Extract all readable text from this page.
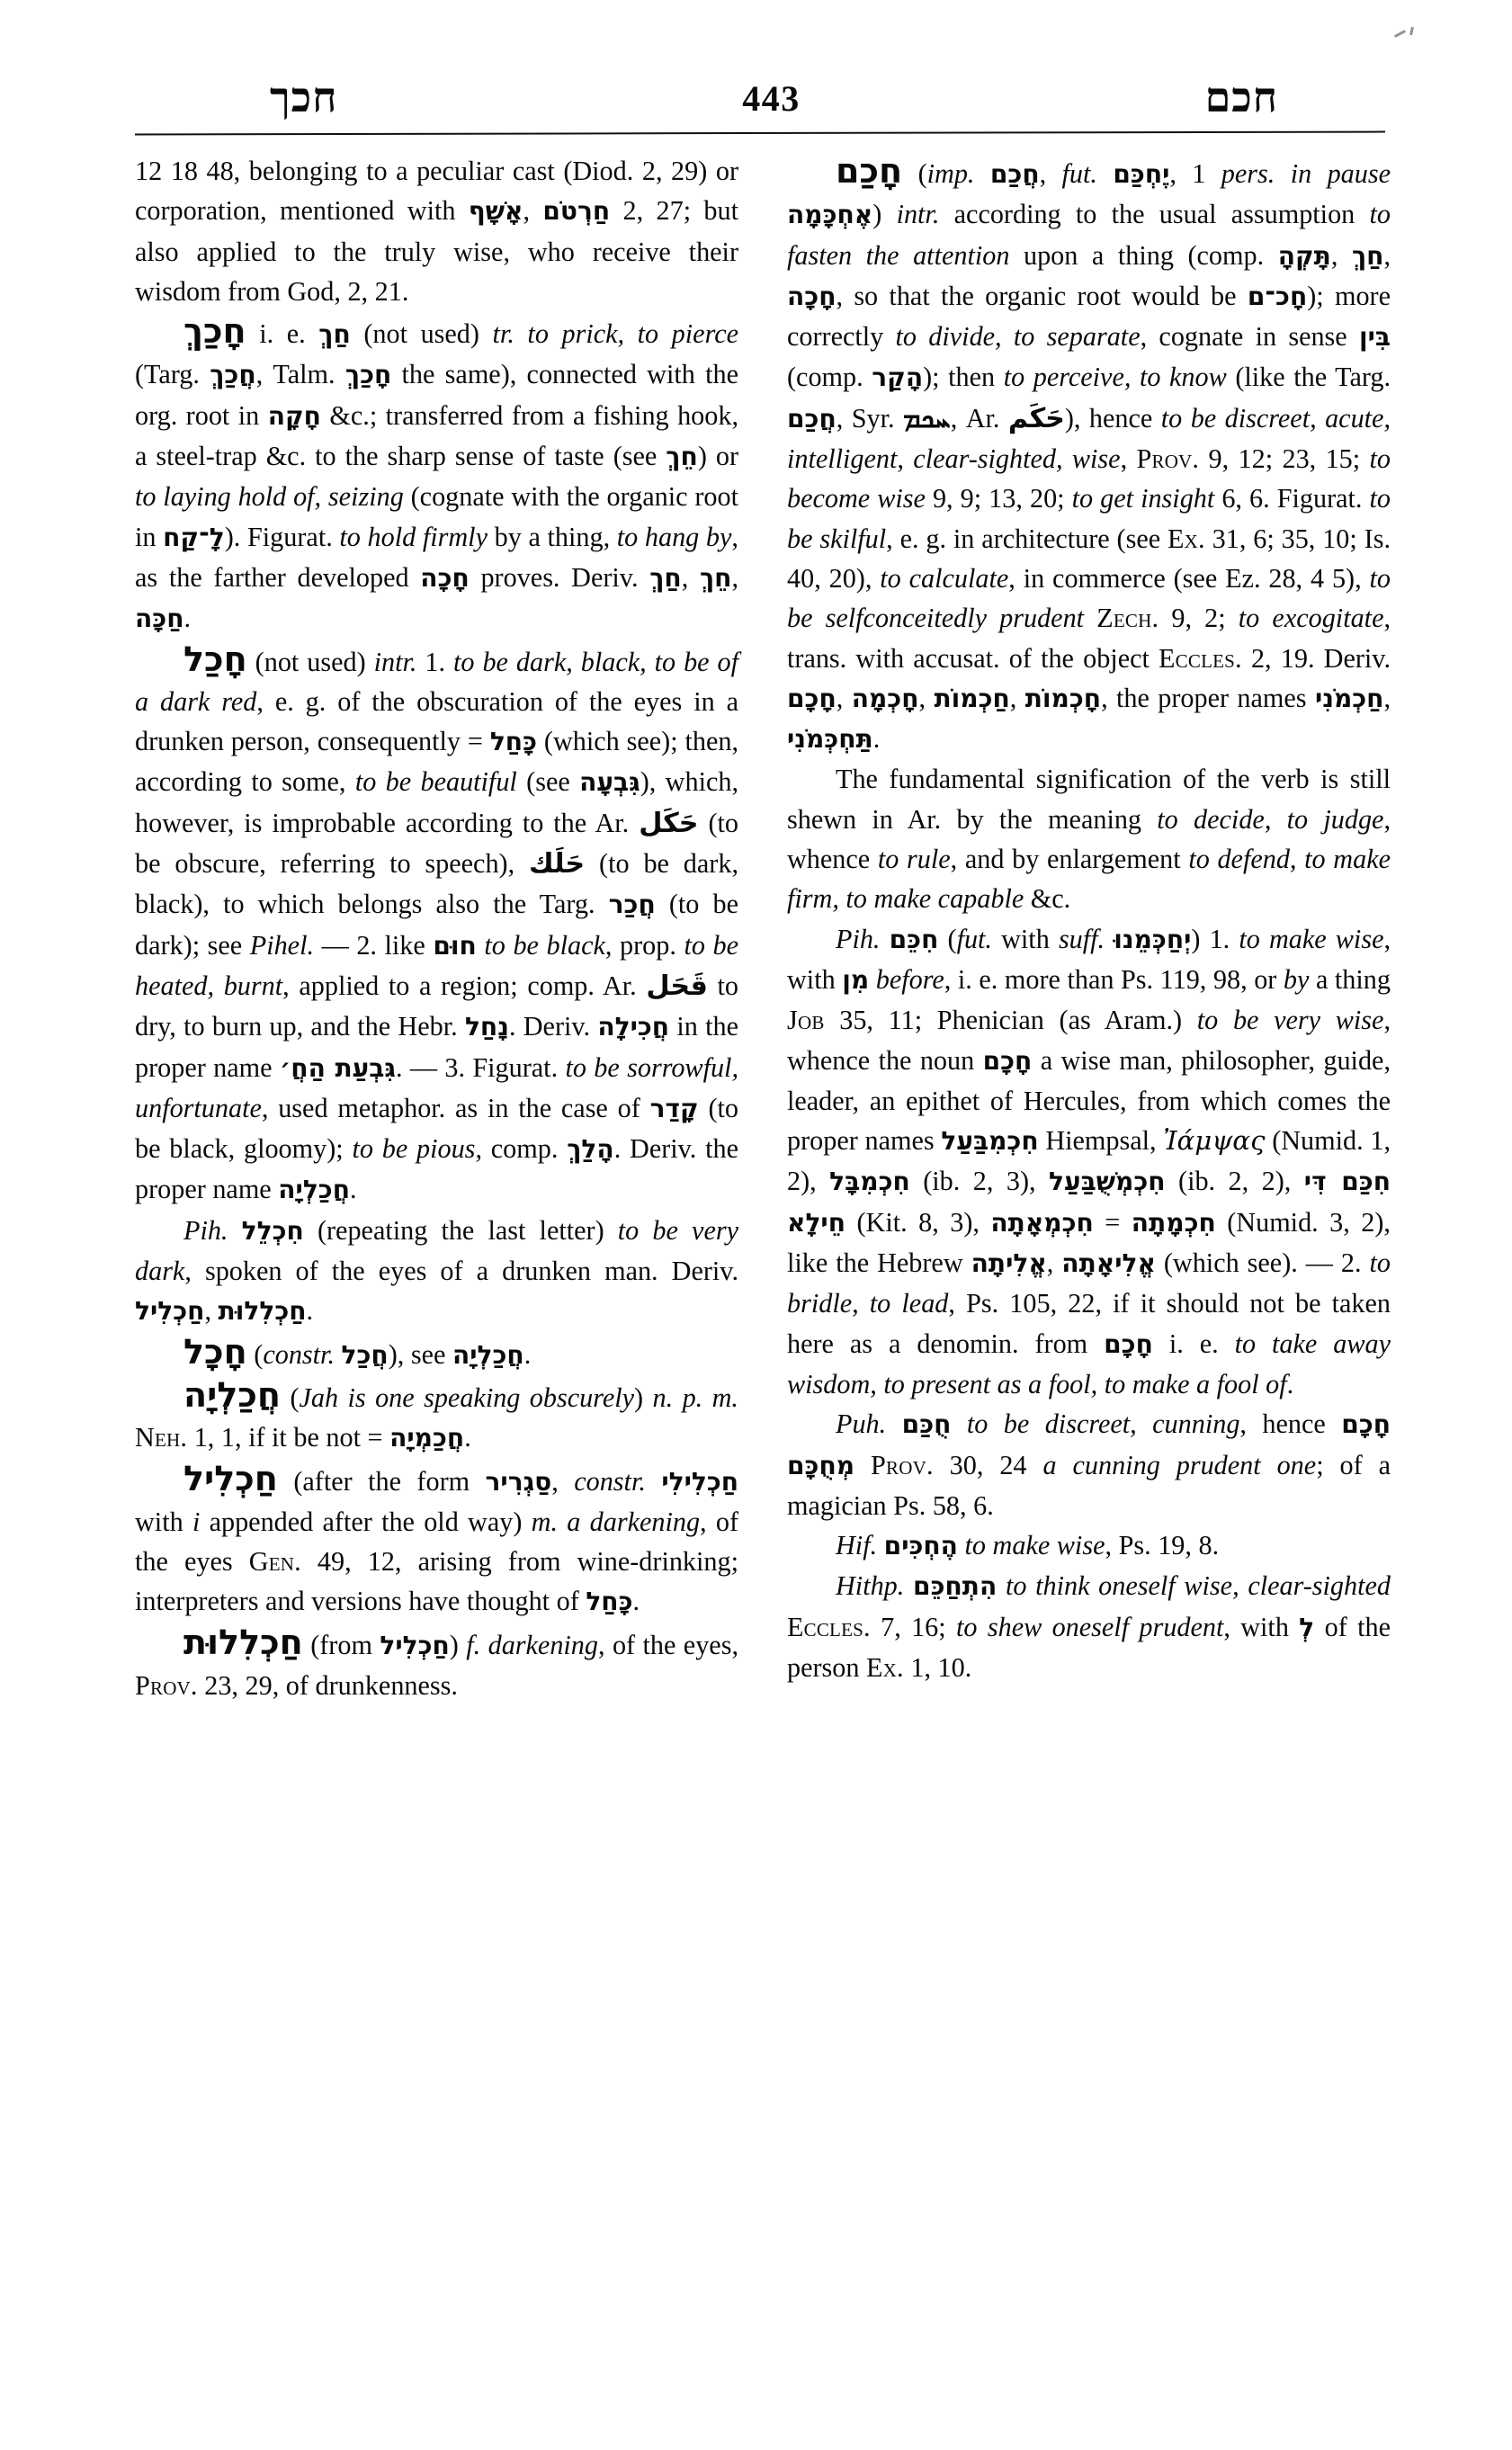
חכך	443	חכם
12 18 48, belonging to a peculiar cast (Diod. 2, 29) or corporation, mentioned with אָשָׁף, חַרְטֹם 2, 27; but also applied to the truly wise, who receive their wisdom from God, 2, 21.
חָכַךְ i. e. חַךְ (not used) tr. to prick, to pierce (Targ. חֲכַךְ, Talm. חָכַךְ the same), connected with the org. root in חָקָה &c.; transferred from a fishing hook, a steel-trap &c. to the sharp sense of taste (see חֵךְ) or to laying hold of, seizing (cognate with the organic root in לָ־קַח). Figurat. to hold firmly by a thing, to hang by, as the farther developed חָכָה proves. Deriv. חַךְ, חֵךְ, חַכָּה.
חָכַל (not used) intr. 1. to be dark, black, to be of a dark red, e. g. of the obscuration of the eyes in a drunken person, consequently = כָּחַל (which see); then, according to some, to be beautiful (see גִּבְעָה), which, however, is improbable according to the Ar. حَكَل (to be obscure, referring to speech), حَلَك (to be dark, black), to which belongs also the Targ. חֲכַר (to be dark); see Pihel. — 2. like חוּם to be black, prop. to be heated, burnt, applied to a region; comp. Ar. قَحَل to dry, to burn up, and the Hebr. נָחַל. Deriv. חֲכִילָה in the proper name גִּבְעַת הַחֲ׳. — 3. Figurat. to be sorrowful, unfortunate, used metaphor. as in the case of קָדַר (to be black, gloomy); to be pious, comp. הָלַךְ. Deriv. the proper name חֲכַלְיָה.
Pih. חִכְלֵל (repeating the last letter) to be very dark, spoken of the eyes of a drunken man. Deriv. חַכְלִיל, חַכְלִלוּת.
חָכָל (constr. חֲכַל), see חֲכַלְיָה.
חֲכַלְיָה (Jah is one speaking obscurely) n. p. m. Neh. 1, 1, if it be not = חֲכַמְיָה.
חַכְלִיל (after the form סַגְרִיר, constr. חַכְלִילִי with i appended after the old way) m. a darkening, of the eyes Gen. 49, 12, arising from wine-drinking; interpreters and versions have thought of כָּחַל.
חַכְלִלוּת (from חַכְלִיל) f. darkening, of the eyes, Prov. 23, 29, of drunkenness.
חָכַם (imp. חֲכַם, fut. יֶחְכַּם, 1 pers. in pause אֶחְכָּמָה) intr. according to the usual assumption to fasten the attention upon a thing (comp. תָּקְהָ, חַךְ, חָכָה, so that the organic root would be חָכ־ם); more correctly to divide, to separate, cognate in sense בִּין (comp. הָקַר); then to perceive, to know (like the Targ. חֲכַם, Syr. ܚܟܡ, Ar. حَكَم), hence to be discreet, acute, intelligent, clear-sighted, wise, Prov. 9, 12; 23, 15; to become wise 9, 9; 13, 20; to get insight 6, 6. Figurat. to be skilful, e. g. in architecture (see Ex. 31, 6; 35, 10; Is. 40, 20), to calculate, in commerce (see Ez. 28, 4 5), to be selfconceitedly prudent Zech. 9, 2; to excogitate, trans. with accusat. of the object Eccles. 2, 19. Deriv. חָכָם, חָכְמָה, חַכְמוֹת, חָכְמוֹת, the proper names חַכְמֹנִי, תַּחְכְּמֹנִי.
The fundamental signification of the verb is still shewn in Ar. by the meaning to decide, to judge, whence to rule, and by enlargement to defend, to make firm, to make capable &c.
Pih. חִכֵּם (fut. with suff. יְחַכְּמֵנוּ) 1. to make wise, with מִן before, i. e. more than Ps. 119, 98, or by a thing Job 35, 11; Phenician (as Aram.) to be very wise, whence the noun חָכָם a wise man, philosopher, guide, leader, an epithet of Hercules, from which comes the proper names חִכְמִבַּעַל Hiempsal, Ἰάμψας (Numid. 1, 2), חִכְמִבָּל (ib. 2, 3), חִכְמְשֻׁבַּעַל (ib. 2, 2), חִכַּם דִּי חֵילָא (Kit. 8, 3), חִכְמְאָתָה = חִכְמָתָה (Numid. 3, 2), like the Hebrew אֱלִיתָה, אֱלִיאָתָה (which see). — 2. to bridle, to lead, Ps. 105, 22, if it should not be taken here as a denomin. from חָכָם i. e. to take away wisdom, to present as a fool, to make a fool of.
Puh. חֻכַּם to be discreet, cunning, hence חָכָם מְחֻכָּם Prov. 30, 24 a cunning prudent one; of a magician Ps. 58, 6.
Hif. הֶחְכִּים to make wise, Ps. 19, 8.
Hithp. הִתְחַכֵּם to think oneself wise, clear-sighted Eccles. 7, 16; to shew oneself prudent, with לְ of the person Ex. 1, 10.
